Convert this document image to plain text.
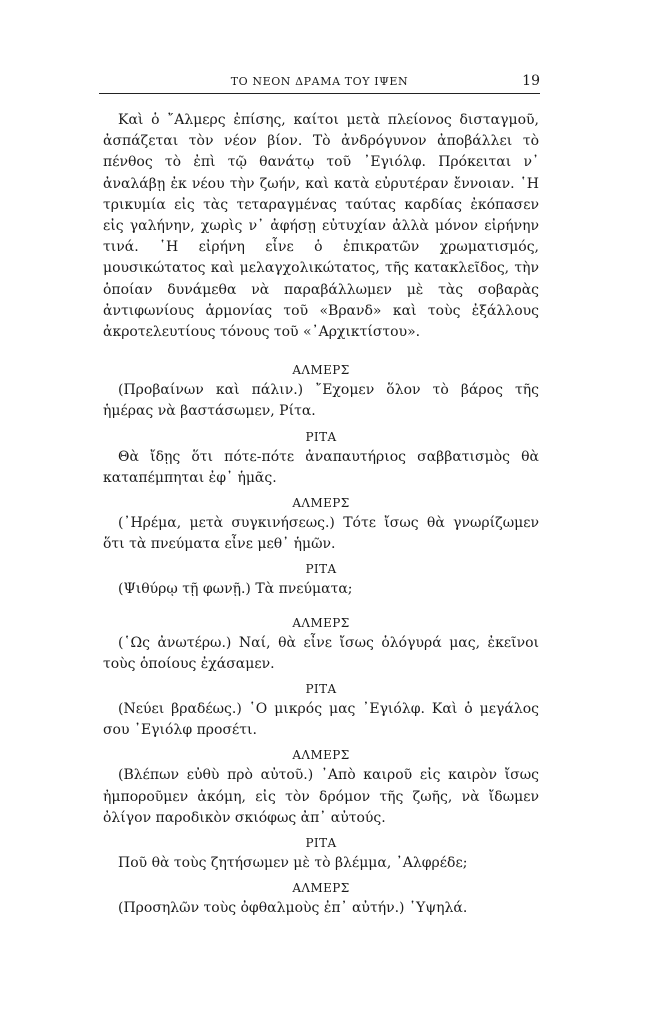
ΤΟ ΝΕΟΝ ΔΡΑΜΑ ΤΟΥ ΙΨΕΝ	19

Καὶ ὁ ῎Αλμερς ἐπίσης, καίτοι μετὰ πλείονος δισταγμοῦ, ἀσπάζεται τὸν νέον βίον. Τὸ ἀνδρόγυνον ἀποβάλλει τὸ πένθος τὸ ἐπὶ τῷ θανάτῳ τοῦ ᾿Εγιόλφ. Πρόκειται ν᾿ ἀναλάβῃ ἐκ νέου τὴν ζωήν, καὶ κατὰ εὐρυτέραν ἔννοιαν. ῾Η τρικυμία εἰς τὰς τεταραγμένας ταύτας καρδίας ἐκόπασεν εἰς γαλήνην, χωρὶς ν᾿ ἀφήσῃ εὐτυχίαν ἀλλὰ μόνον εἰρήνην τινά. ῾Η εἰρήνη εἶνε ὁ ἐπικρατῶν χρωματισμός, μουσικώτατος καὶ μελαγχολικώτατος, τῆς κατακλεῖδος, τὴν ὁποίαν δυνάμεθα νὰ παραβάλλωμεν μὲ τὰς σοβαρὰς ἀντιφωνίους ἁρμονίας τοῦ «Βρανδ» καὶ τοὺς ἐξάλλους ἀκροτελευτίους τόνους τοῦ «᾿Αρχικτίστου».

ΑΛΜΕΡΣ

(Προβαίνων καὶ πάλιν.) ῎Εχομεν ὅλον τὸ βάρος τῆς ἡμέρας νὰ βαστάσωμεν, Ρίτα.

ΡΙΤΑ

Θὰ ἴδῃς ὅτι πότε-πότε ἀναπαυτήριος σαββατισμὸς θὰ καταπέμπηται ἐφ᾿ ἡμᾶς.

ΑΛΜΕΡΣ

(᾿Ηρέμα, μετὰ συγκινήσεως.) Τότε ἴσως θὰ γνωρίζωμεν ὅτι τὰ πνεύματα εἶνε μεθ᾿ ἡμῶν.

ΡΙΤΑ

(Ψιθύρῳ τῇ φωνῇ.) Τὰ πνεύματα;

ΑΛΜΕΡΣ

(῾Ως ἀνωτέρω.) Ναί, θὰ εἶνε ἴσως ὁλόγυρά μας, ἐκεῖνοι τοὺς ὁποίους ἐχάσαμεν.

ΡΙΤΑ

(Νεύει βραδέως.) ῾Ο μικρός μας ᾿Εγιόλφ. Καὶ ὁ μεγάλος σου ᾿Εγιόλφ προσέτι.

ΑΛΜΕΡΣ

(Βλέπων εὐθὺ πρὸ αὐτοῦ.) ᾿Απὸ καιροῦ εἰς καιρὸν ἴσως ἠμποροῦμεν ἀκόμη, εἰς τὸν δρόμον τῆς ζωῆς, νὰ ἴδωμεν ὀλίγον παροδικὸν σκιόφως ἀπ᾿ αὐτούς.

ΡΙΤΑ

Ποῦ θὰ τοὺς ζητήσωμεν μὲ τὸ βλέμμα, ᾿Αλφρέδε;

ΑΛΜΕΡΣ

(Προσηλῶν τοὺς ὀφθαλμοὺς ἐπ᾿ αὐτήν.) ῾Υψηλά.
